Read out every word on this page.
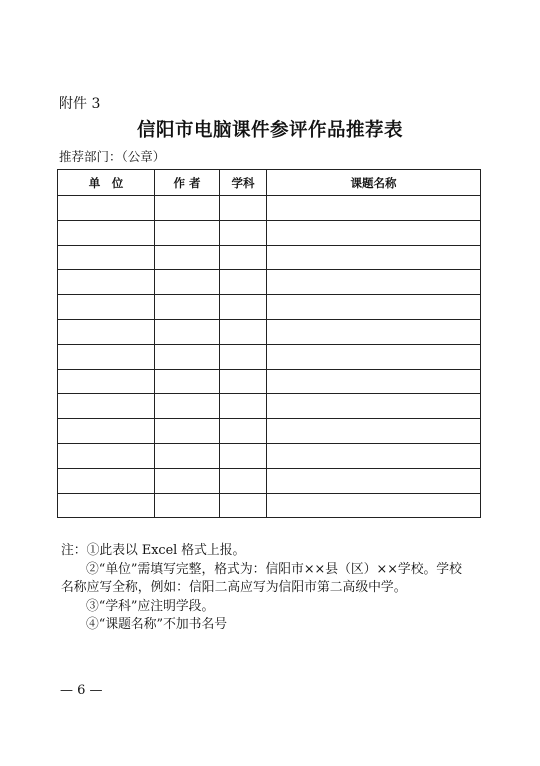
附件 3
信阳市电脑课件参评作品推荐表
推荐部门：（公章）
单　位	作 者	学科	课题名称

注：①此表以 Excel 格式上报。

②“单位”需填写完整，格式为：信阳市××县（区）××学校。学校

名称应写全称，例如：信阳二高应写为信阳市第二高级中学。

③“学科”应注明学段。

④“课题名称”不加书名号

— 6 —
